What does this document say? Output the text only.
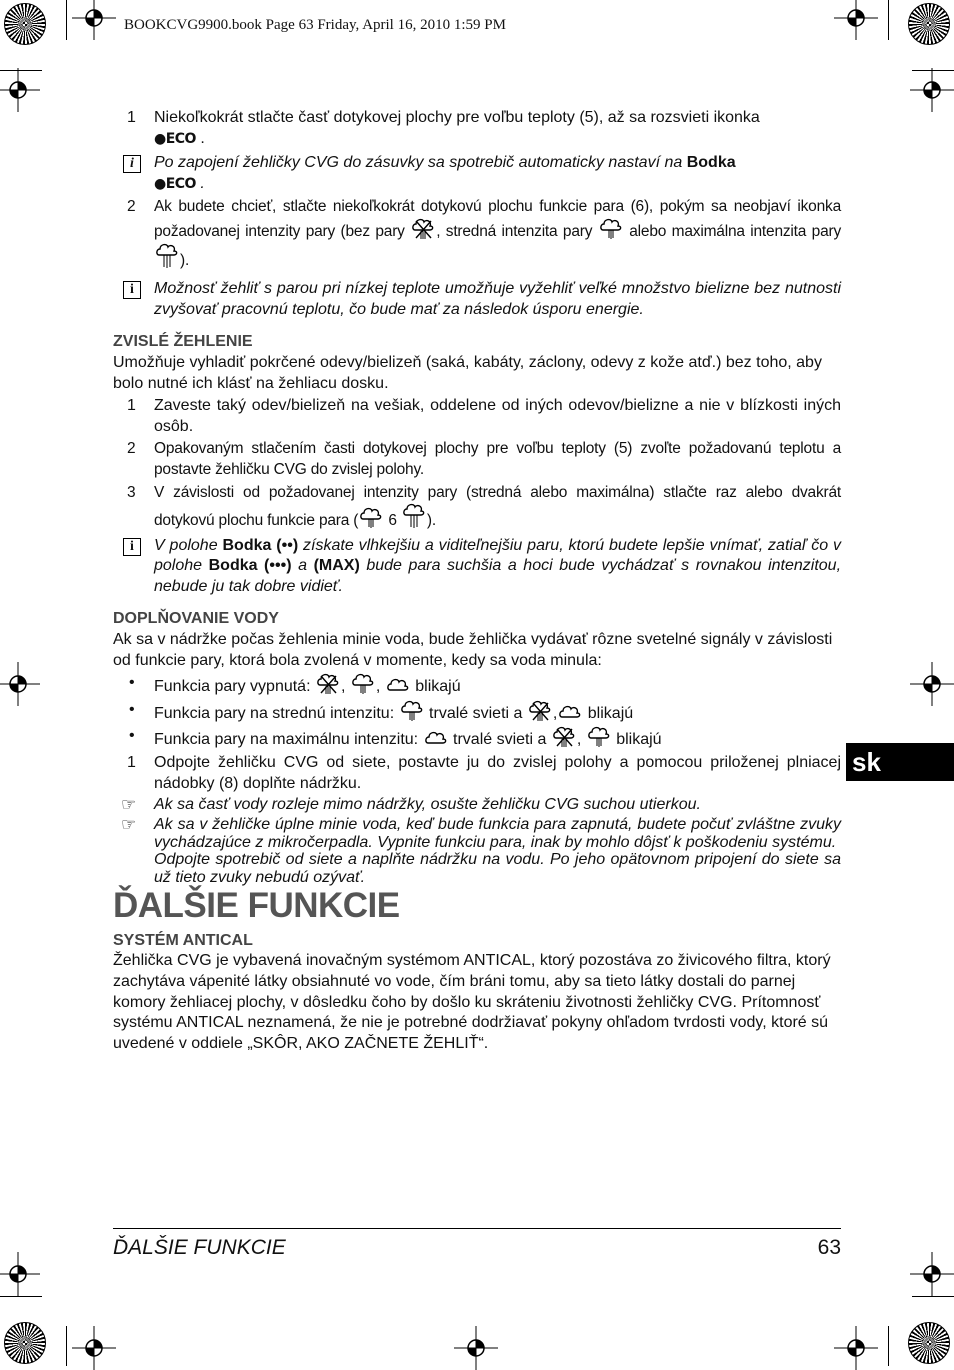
BOOKCVG9900.book Page 63 Friday, April 16, 2010 1:59 PM
sk
1 Niekoľkokrát stlačte časť dotykovej plochy pre voľbu teploty (5), až sa rozsvieti ikonka
●ECO .
i	Po zapojení žehličky CVG do zásuvky sa spotrebič automaticky nastaví na Bodka
●ECO .
2 Ak budete chcieť, stlačte niekoľkokrát dotykovú plochu funkcie para (6), pokým sa neobjaví ikonka požadovanej intenzity pary (bez pary , stredná intenzita pary alebo maximálna intenzita pary ).
i	Možnosť žehliť s parou pri nízkej teplote umožňuje vyžehliť veľké množstvo bielizne bez nutnosti zvyšovať pracovnú teplotu, čo bude mať za následok úsporu energie.
ZVISLÉ ŽEHLENIE
Umožňuje vyhladiť pokrčené odevy/bielizeň (saká, kabáty, záclony, odevy z kože atď.) bez toho, aby bolo nutné ich klásť na žehliacu dosku.
1 Zaveste taký odev/bielizeň na vešiak, oddelene od iných odevov/bielizne a nie v blízkosti iných osôb.
2 Opakovaným stlačením časti dotykovej plochy pre voľbu teploty (5) zvoľte požadovanú teplotu a postavte žehličku CVG do zvislej polohy.
3 V závislosti od požadovanej intenzity pary (stredná alebo maximálna) stlačte raz alebo dvakrát dotykovú plochu funkcie para ( 6 ).
i	V polohe Bodka (••) získate vlhkejšiu a viditeľnejšiu paru, ktorú budete lepšie vnímať, zatiaľ čo v polohe Bodka (•••) a (MAX) bude para suchšia a hoci bude vychádzať s rovnakou intenzitou, nebude ju tak dobre vidieť.
DOPLŇOVANIE VODY
Ak sa v nádržke počas žehlenia minie voda, bude žehlička vydávať rôzne svetelné signály v závislosti od funkcie pary, ktorá bola zvolená v momente, kedy sa voda minula:
• Funkcia pary vypnutá: , , blikajú
• Funkcia pary na strednú intenzitu: trvalé svieti a , blikajú
• Funkcia pary na maximálnu intenzitu: trvalé svieti a , blikajú
1 Odpojte žehličku CVG od siete, postavte ju do zvislej polohy a pomocou priloženej plniacej nádobky (8) doplňte nádržku.
☞ Ak sa časť vody rozleje mimo nádržky, osušte žehličku CVG suchou utierkou.
☞ Ak sa v žehličke úplne minie voda, keď bude funkcia para zapnutá, budete počuť zvláštne zvuky vychádzajúce z mikročerpadla. Vypnite funkciu para, inak by mohlo dôjsť k poškodeniu systému.
Odpojte spotrebič od siete a naplňte nádržku na vodu. Po jeho opätovnom pripojení do siete sa už tieto zvuky nebudú ozývať.
ĎALŠIE FUNKCIE
SYSTÉM ANTICAL
Žehlička CVG je vybavená inovačným systémom ANTICAL, ktorý pozostáva zo živicového filtra, ktorý zachytáva vápenité látky obsiahnuté vo vode, čím bráni tomu, aby sa tieto látky dostali do parnej komory žehliacej plochy, v dôsledku čoho by došlo ku skráteniu životnosti žehličky CVG. Prítomnosť systému ANTICAL neznamená, že nie je potrebné dodržiavať pokyny ohľadom tvrdosti vody, ktoré sú uvedené v oddiele „SKÔR, AKO ZAČNETE ŽEHLIŤ“.
ĎALŠIE FUNKCIE	63
